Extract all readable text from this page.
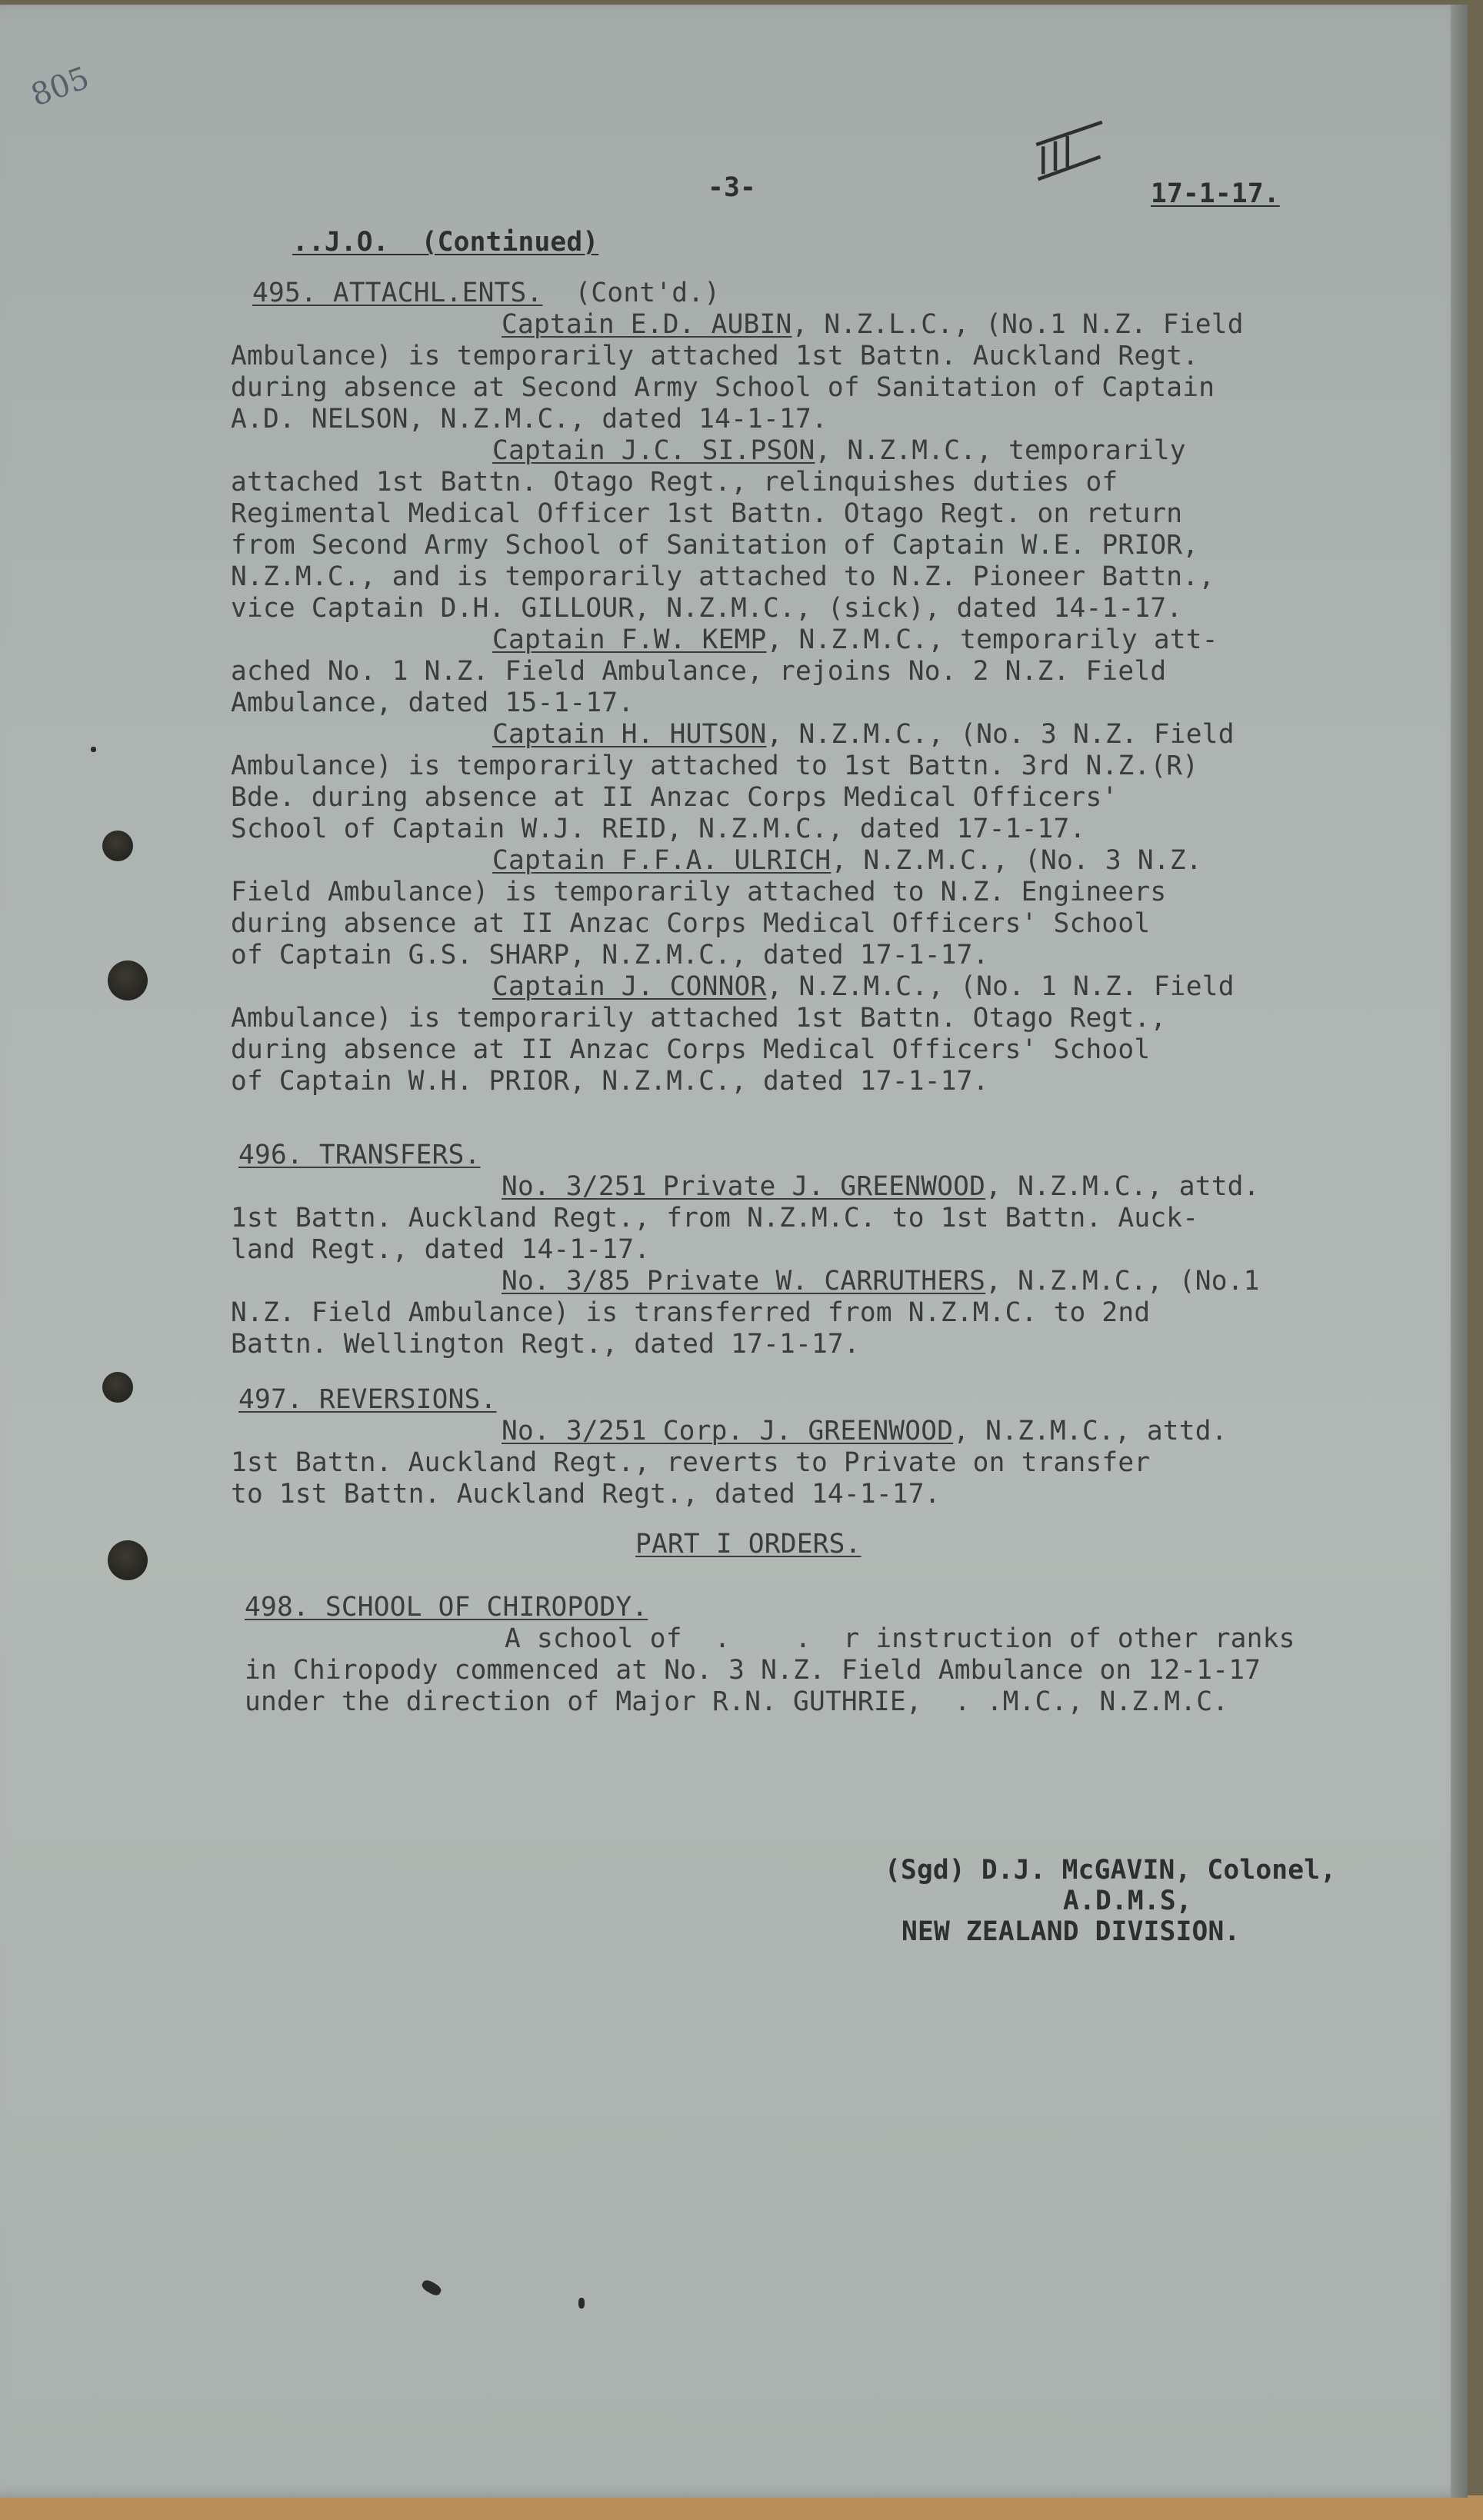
805

..J.O.  (Continued)

-3-	17-1-17.
495. ATTACHL.ENTS.  (Cont'd.)
Captain E.D. AUBIN, N.Z.L.C., (No.1 N.Z. Field
Ambulance) is temporarily attached 1st Battn. Auckland Regt.
during absence at Second Army School of Sanitation of Captain
A.D. NELSON, N.Z.M.C., dated 14-1-17.
Captain J.C. SI.PSON, N.Z.M.C., temporarily
attached 1st Battn. Otago Regt., relinquishes duties of
Regimental Medical Officer 1st Battn. Otago Regt. on return
from Second Army School of Sanitation of Captain W.E. PRIOR,
N.Z.M.C., and is temporarily attached to N.Z. Pioneer Battn.,
vice Captain D.H. GILLOUR, N.Z.M.C., (sick), dated 14-1-17.
Captain F.W. KEMP, N.Z.M.C., temporarily att-
ached No. 1 N.Z. Field Ambulance, rejoins No. 2 N.Z. Field
Ambulance, dated 15-1-17.
Captain H. HUTSON, N.Z.M.C., (No. 3 N.Z. Field
Ambulance) is temporarily attached to 1st Battn. 3rd N.Z.(R)
Bde. during absence at II Anzac Corps Medical Officers'
School of Captain W.J. REID, N.Z.M.C., dated 17-1-17.
Captain F.F.A. ULRICH, N.Z.M.C., (No. 3 N.Z.
Field Ambulance) is temporarily attached to N.Z. Engineers
during absence at II Anzac Corps Medical Officers' School
of Captain G.S. SHARP, N.Z.M.C., dated 17-1-17.
Captain J. CONNOR, N.Z.M.C., (No. 1 N.Z. Field
Ambulance) is temporarily attached 1st Battn. Otago Regt.,
during absence at II Anzac Corps Medical Officers' School
of Captain W.H. PRIOR, N.Z.M.C., dated 17-1-17.
496. TRANSFERS.
No. 3/251 Private J. GREENWOOD, N.Z.M.C., attd.
1st Battn. Auckland Regt., from N.Z.M.C. to 1st Battn. Auck-
land Regt., dated 14-1-17.
No. 3/85 Private W. CARRUTHERS, N.Z.M.C., (No.1
N.Z. Field Ambulance) is transferred from N.Z.M.C. to 2nd
Battn. Wellington Regt., dated 17-1-17.
497. REVERSIONS.
No. 3/251 Corp. J. GREENWOOD, N.Z.M.C., attd.
1st Battn. Auckland Regt., reverts to Private on transfer
to 1st Battn. Auckland Regt., dated 14-1-17.
PART I ORDERS.
498. SCHOOL OF CHIROPODY.
A school of  .    .  r instruction of other ranks
in Chiropody commenced at No. 3 N.Z. Field Ambulance on 12-1-17
under the direction of Major R.N. GUTHRIE,  . .M.C., N.Z.M.C.
(Sgd) D.J. McGAVIN, Colonel,
A.D.M.S,
NEW ZEALAND DIVISION.
